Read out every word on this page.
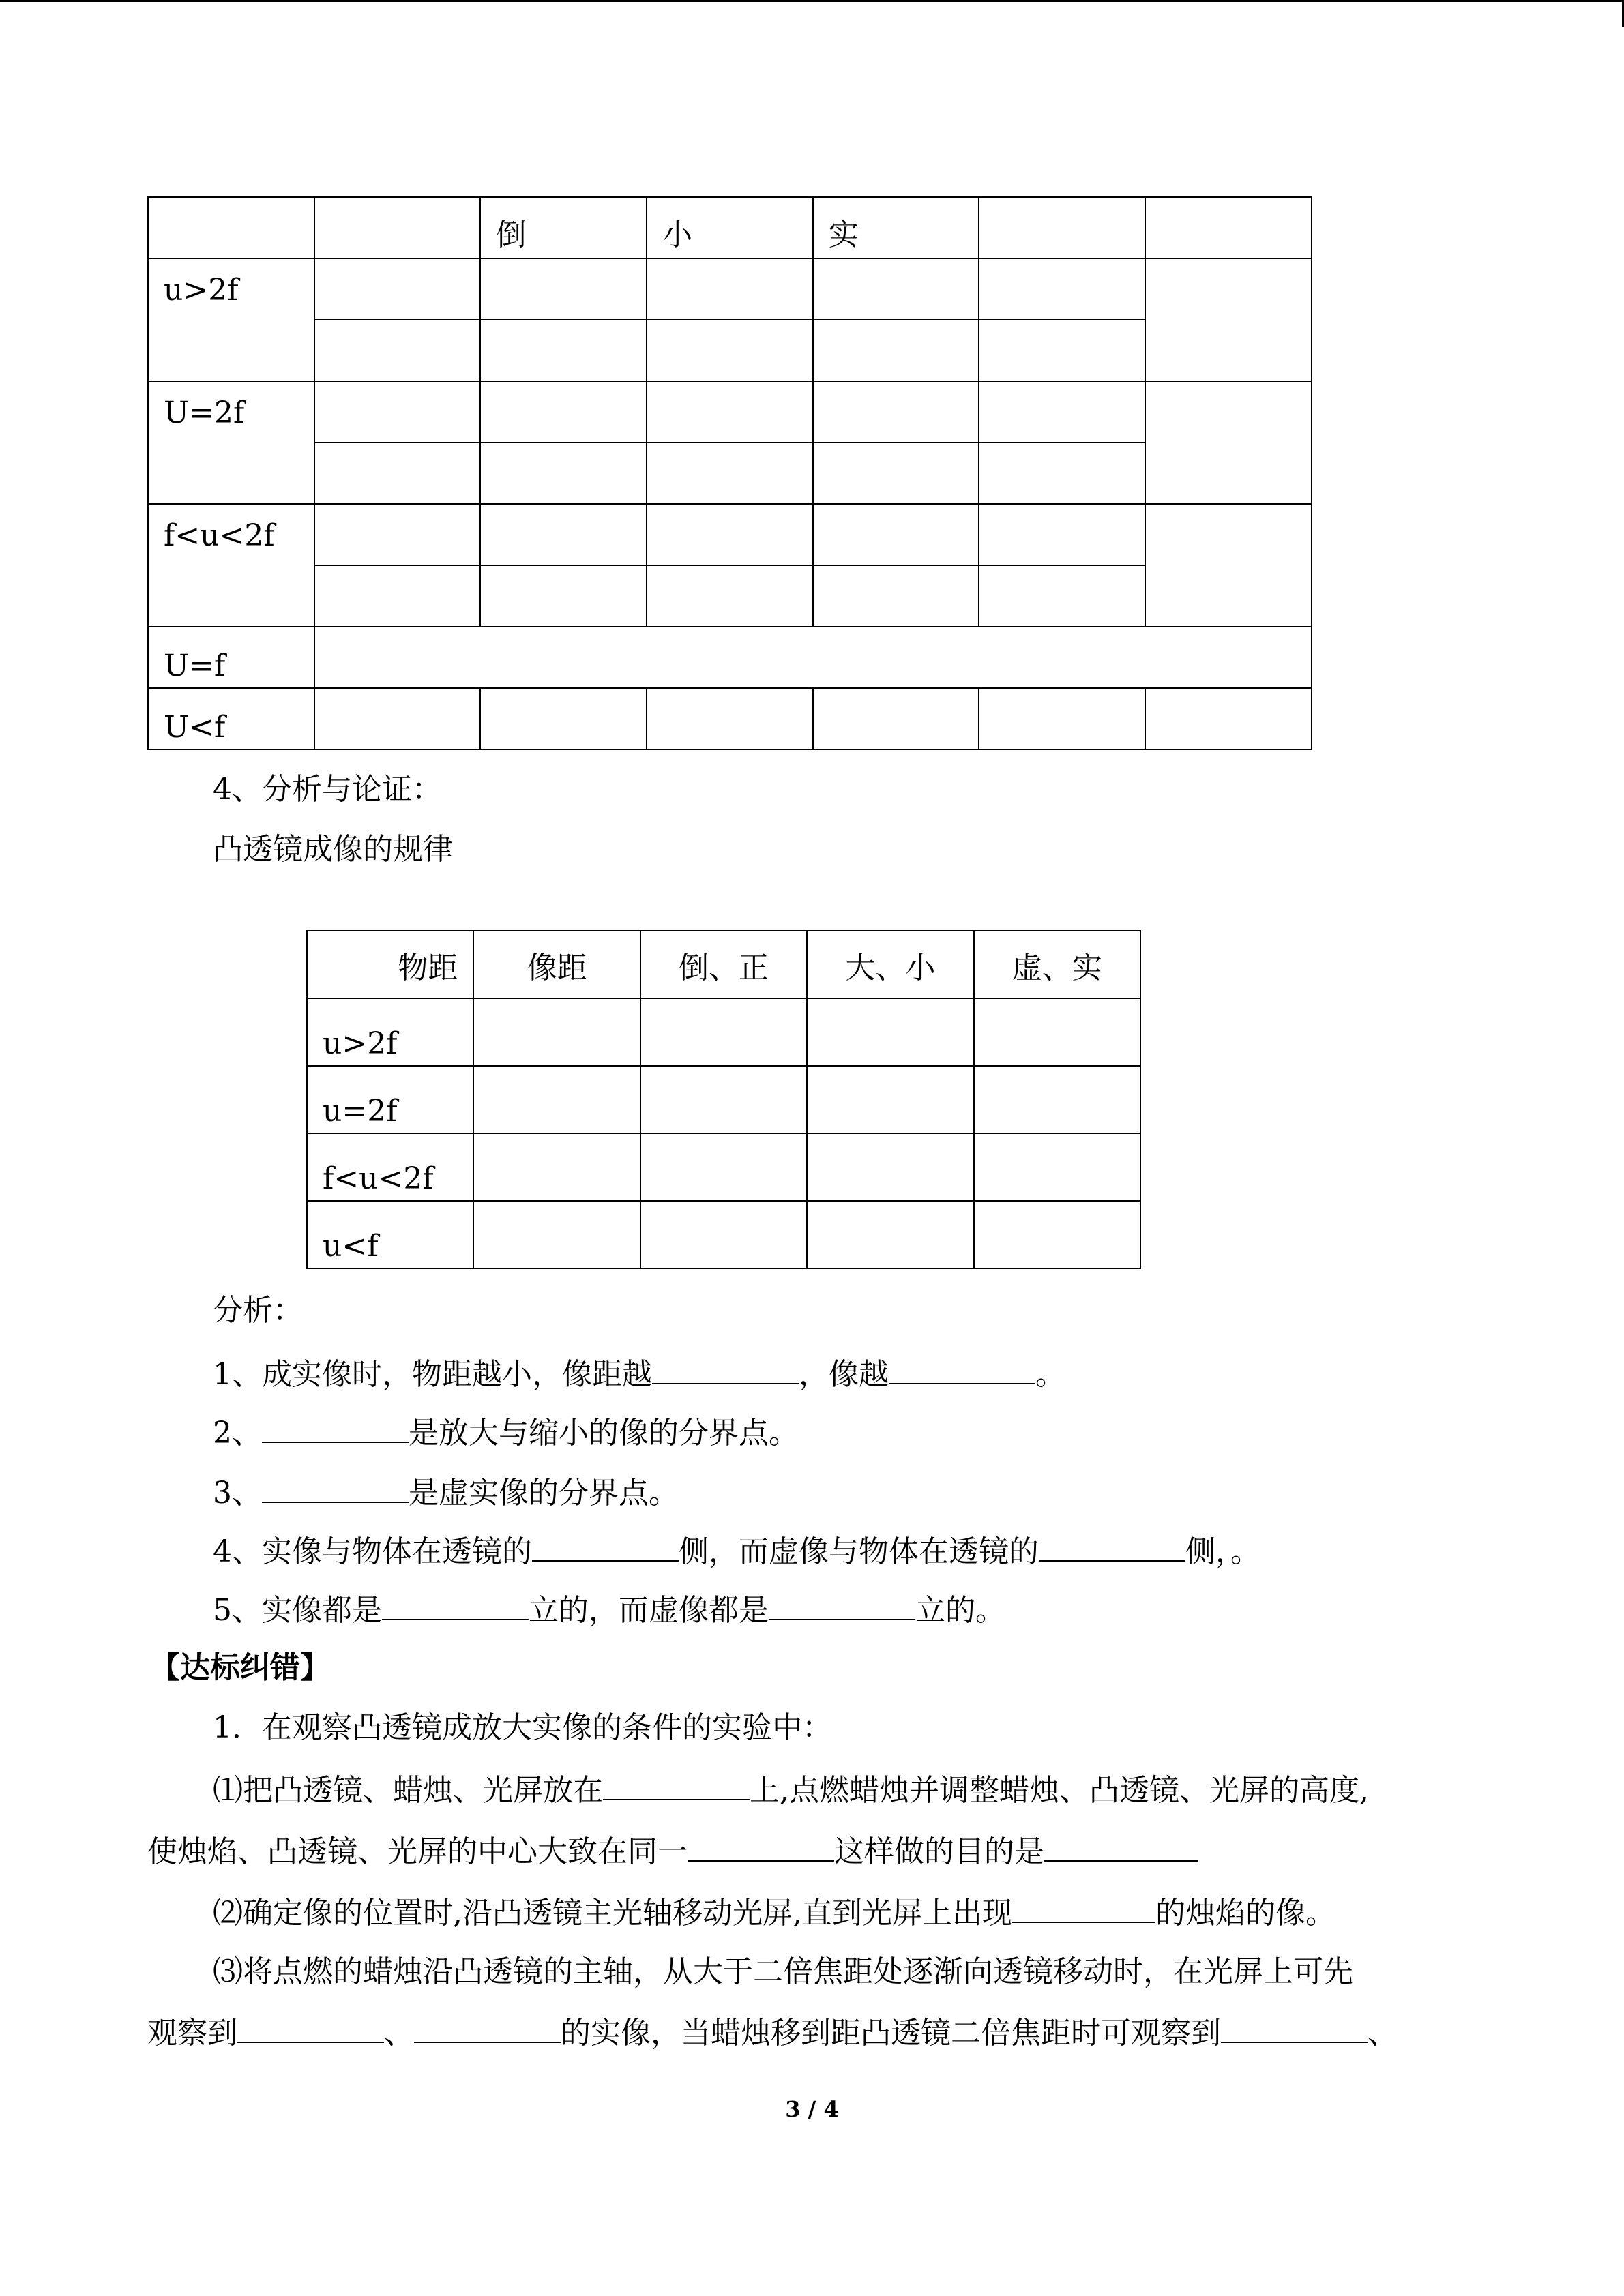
		倒	小	实		
u>2f						

U=2f						

f<u<2f						

U=f						
U<f						
4、分析与论证：
凸透镜成像的规律
物距	像距	倒、正	大、小	虚、实
u>2f				
u=2f				
f<u<2f				
u<f				
分析：
1、成实像时，物距越小，像距越	，像越	。
2、	是放大与缩小的像的分界点。
3、	是虚实像的分界点。
4、实像与物体在透镜的	侧，而虚像与物体在透镜的	侧，。
5、实像都是	立的，而虚像都是	立的。
【达标纠错】
1．在观察凸透镜成放大实像的条件的实验中：
⑴把凸透镜、蜡烛、光屏放在	上,点燃蜡烛并调整蜡烛、凸透镜、光屏的高度,
使烛焰、凸透镜、光屏的中心大致在同一	这样做的目的是
⑵确定像的位置时,沿凸透镜主光轴移动光屏,直到光屏上出现	的烛焰的像。
⑶将点燃的蜡烛沿凸透镜的主轴，从大于二倍焦距处逐渐向透镜移动时，在光屏上可先
观察到	、	的实像，当蜡烛移到距凸透镜二倍焦距时可观察到	、
3 / 4
